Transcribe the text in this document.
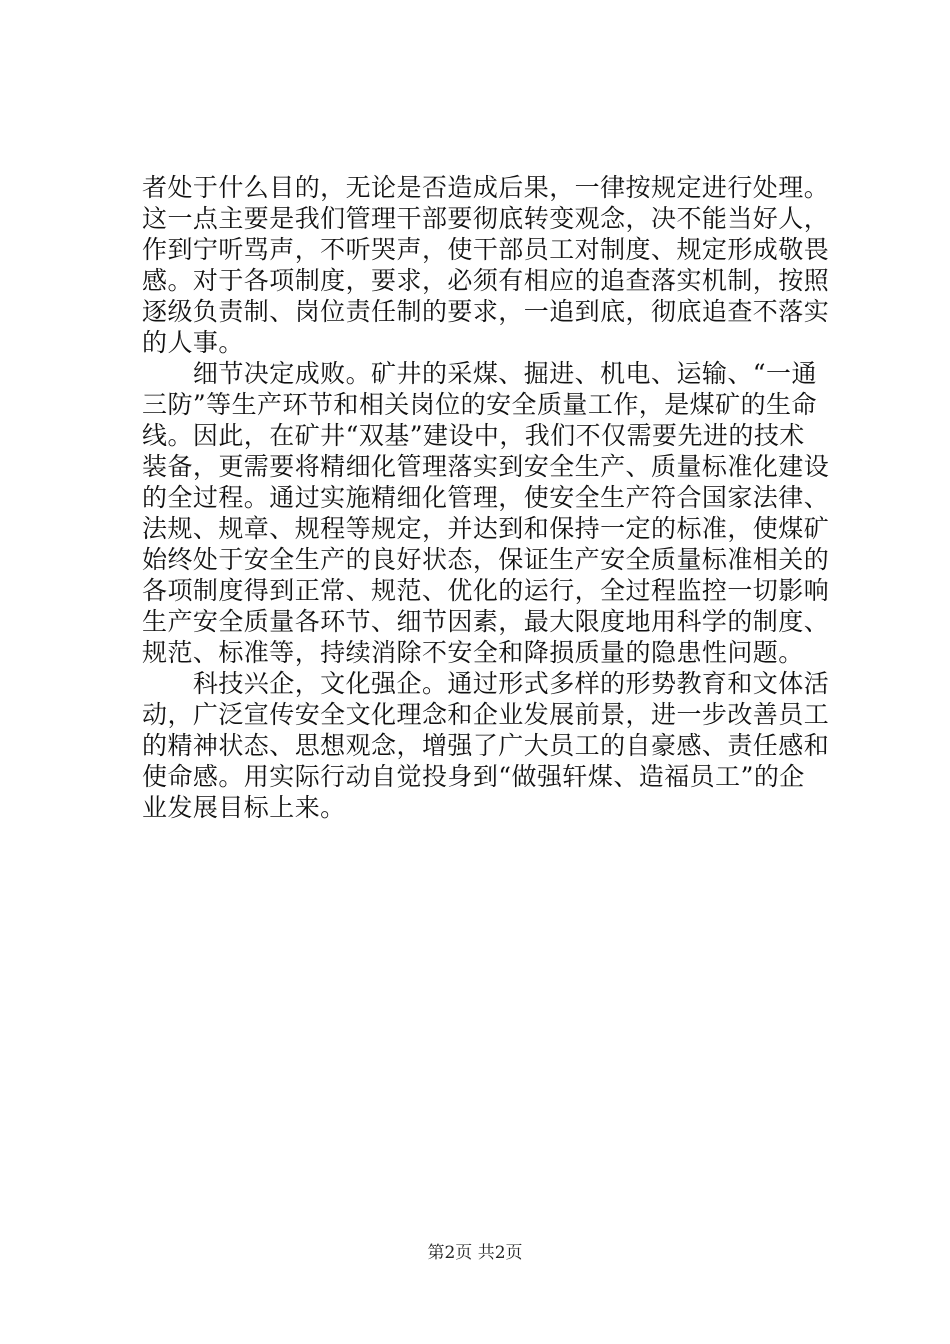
者处于什么目的，无论是否造成后果，一律按规定进行处理。
这一点主要是我们管理干部要彻底转变观念，决不能当好人，
作到宁听骂声，不听哭声，使干部员工对制度、规定形成敬畏
感。对于各项制度，要求，必须有相应的追查落实机制，按照
逐级负责制、岗位责任制的要求，一追到底，彻底追查不落实
的人事。
　　细节决定成败。矿井的采煤、掘进、机电、运输、“一通
三防”等生产环节和相关岗位的安全质量工作，是煤矿的生命
线。因此，在矿井“双基”建设中，我们不仅需要先进的技术
装备，更需要将精细化管理落实到安全生产、质量标准化建设
的全过程。通过实施精细化管理，使安全生产符合国家法律、
法规、规章、规程等规定，并达到和保持一定的标准，使煤矿
始终处于安全生产的良好状态，保证生产安全质量标准相关的
各项制度得到正常、规范、优化的运行，全过程监控一切影响
生产安全质量各环节、细节因素，最大限度地用科学的制度、
规范、标准等，持续消除不安全和降损质量的隐患性问题。
　　科技兴企，文化强企。通过形式多样的形势教育和文体活
动，广泛宣传安全文化理念和企业发展前景，进一步改善员工
的精神状态、思想观念，增强了广大员工的自豪感、责任感和
使命感。用实际行动自觉投身到“做强轩煤、造福员工”的企
业发展目标上来。
第2页 共2页
